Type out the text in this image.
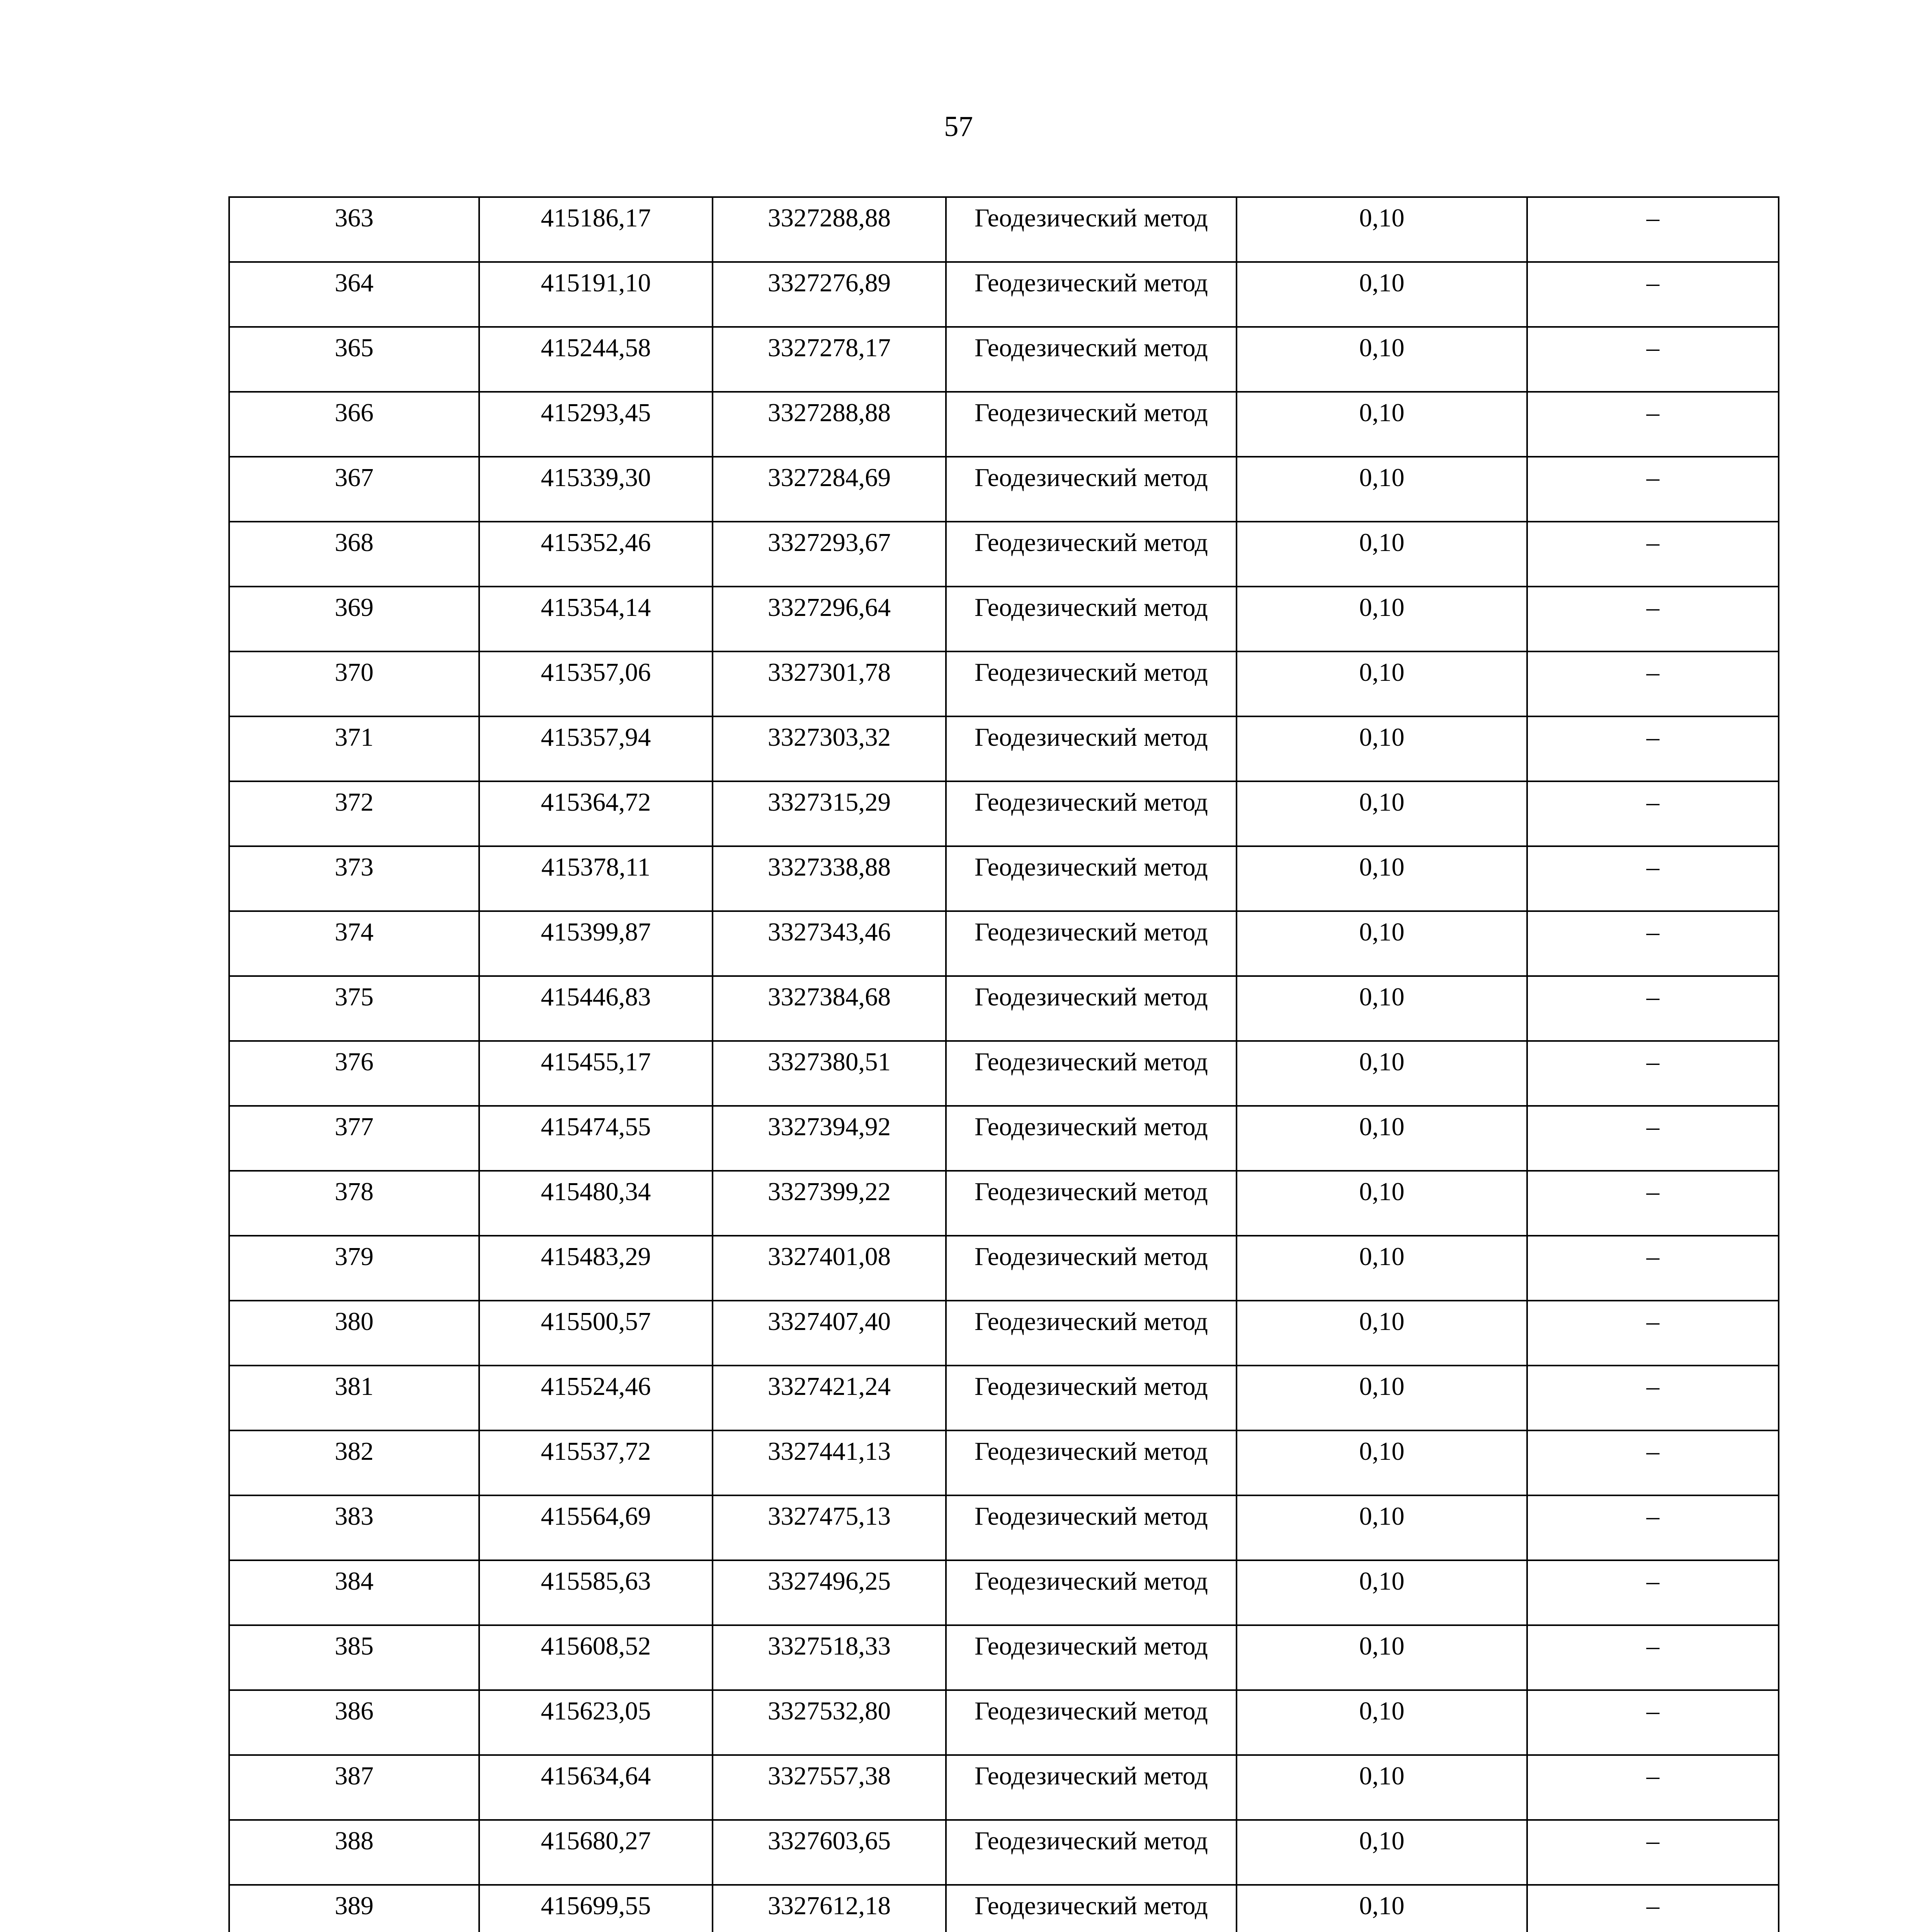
57
363	415186,17	3327288,88	Геодезический метод	0,10	–
364	415191,10	3327276,89	Геодезический метод	0,10	–
365	415244,58	3327278,17	Геодезический метод	0,10	–
366	415293,45	3327288,88	Геодезический метод	0,10	–
367	415339,30	3327284,69	Геодезический метод	0,10	–
368	415352,46	3327293,67	Геодезический метод	0,10	–
369	415354,14	3327296,64	Геодезический метод	0,10	–
370	415357,06	3327301,78	Геодезический метод	0,10	–
371	415357,94	3327303,32	Геодезический метод	0,10	–
372	415364,72	3327315,29	Геодезический метод	0,10	–
373	415378,11	3327338,88	Геодезический метод	0,10	–
374	415399,87	3327343,46	Геодезический метод	0,10	–
375	415446,83	3327384,68	Геодезический метод	0,10	–
376	415455,17	3327380,51	Геодезический метод	0,10	–
377	415474,55	3327394,92	Геодезический метод	0,10	–
378	415480,34	3327399,22	Геодезический метод	0,10	–
379	415483,29	3327401,08	Геодезический метод	0,10	–
380	415500,57	3327407,40	Геодезический метод	0,10	–
381	415524,46	3327421,24	Геодезический метод	0,10	–
382	415537,72	3327441,13	Геодезический метод	0,10	–
383	415564,69	3327475,13	Геодезический метод	0,10	–
384	415585,63	3327496,25	Геодезический метод	0,10	–
385	415608,52	3327518,33	Геодезический метод	0,10	–
386	415623,05	3327532,80	Геодезический метод	0,10	–
387	415634,64	3327557,38	Геодезический метод	0,10	–
388	415680,27	3327603,65	Геодезический метод	0,10	–
389	415699,55	3327612,18	Геодезический метод	0,10	–
